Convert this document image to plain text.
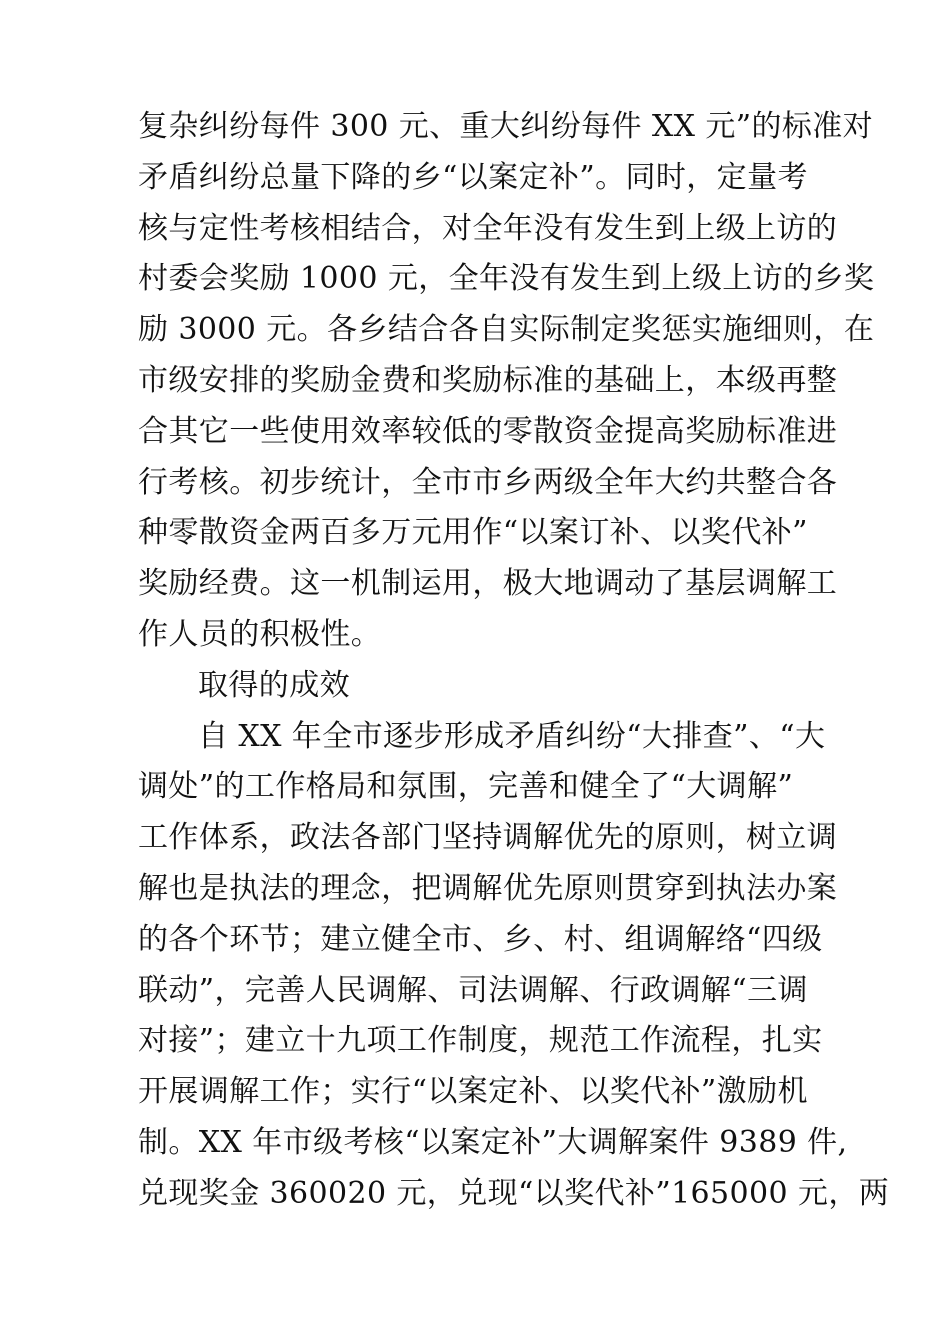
复杂纠纷每件 300 元、重大纠纷每件 XX 元”的标准对
矛盾纠纷总量下降的乡“以案定补”。同时，定量考
核与定性考核相结合，对全年没有发生到上级上访的
村委会奖励 1000 元，全年没有发生到上级上访的乡奖
励 3000 元。各乡结合各自实际制定奖惩实施细则，在
市级安排的奖励金费和奖励标准的基础上，本级再整
合其它一些使用效率较低的零散资金提高奖励标准进
行考核。初步统计，全市市乡两级全年大约共整合各
种零散资金两百多万元用作“以案订补、以奖代补”
奖励经费。这一机制运用，极大地调动了基层调解工
作人员的积极性。
取得的成效
自 XX 年全市逐步形成矛盾纠纷“大排查”、“大
调处”的工作格局和氛围，完善和健全了“大调解”
工作体系，政法各部门坚持调解优先的原则，树立调
解也是执法的理念，把调解优先原则贯穿到执法办案
的各个环节；建立健全市、乡、村、组调解络“四级
联动”，完善人民调解、司法调解、行政调解“三调
对接”；建立十九项工作制度，规范工作流程，扎实
开展调解工作；实行“以案定补、以奖代补”激励机
制。XX 年市级考核“以案定补”大调解案件 9389 件,
兑现奖金 360020 元，兑现“以奖代补”165000 元，两
